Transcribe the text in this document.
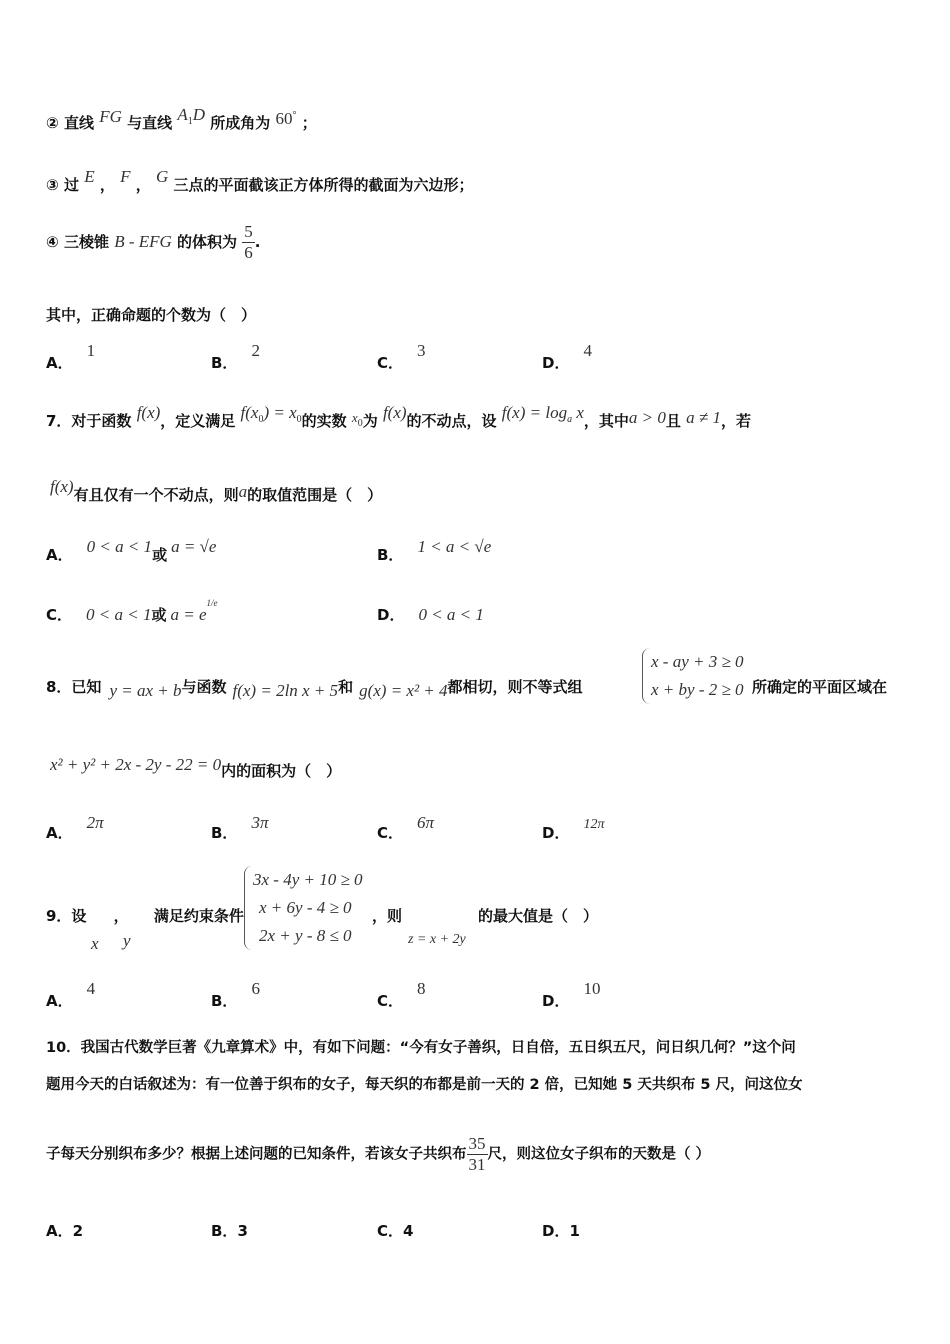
② 直线 FG 与直线 $A_1D$ 所成角为 60° ；
③ 过 E ， F ， G 三点的平面截该正方体所得的截面为六边形；
④ 三棱锥 B - EFG 的体积为 $\frac{5}{6}$ .
其中，正确命题的个数为（　）
A．1
B．2
C．3
D．4
7．对于函数 f(x)，定义满足 $f(x_0) = x_0$的实数 $x_0$为 f(x)的不动点，设 $f(x) = \log_a x$，其中a > 0且 a ≠ 1，若
f(x)有且仅有一个不动点，则a的取值范围是（　）
A． 0 < a < 1或 a = √e	B． 1 < a < √e
C． 0 < a < 1或 $a = e^{1/e}$
D． 0 < a < 1
8．已知 y = ax + b与函数 f(x) = 2ln x + 5和 g(x) = x² + 4都相切，则不等式组
x - ay + 3 ≥ 0
x + by - 2 ≥ 0 所确定的平面区域在
x² + y² + 2x - 2y - 22 = 0内的面积为（　）
A．2π
B．3π
C．6π
D． 12π
9．设 ， 满足约束条件
x y
3x - 4y + 10 ≥ 0
x + 6y - 4 ≥ 0
2x + y - 8 ≤ 0
，则
z = x + 2y
的最大值是（　）
A．4
B．6
C．8
D．10
10．我国古代数学巨著《九章算术》中，有如下问题：“今有女子善织，日自倍，五日织五尺，问日织几何？”这个问
题用今天的白话叙述为：有一位善于织布的女子，每天织的布都是前一天的 2 倍，已知她 5 天共织布 5 尺，问这位女
子每天分别织布多少？根据上述问题的已知条件，若该女子共织布 $\frac{35}{31}$ 尺，则这位女子织布的天数是（ ）
A．2	B．3	C．4	D．1
